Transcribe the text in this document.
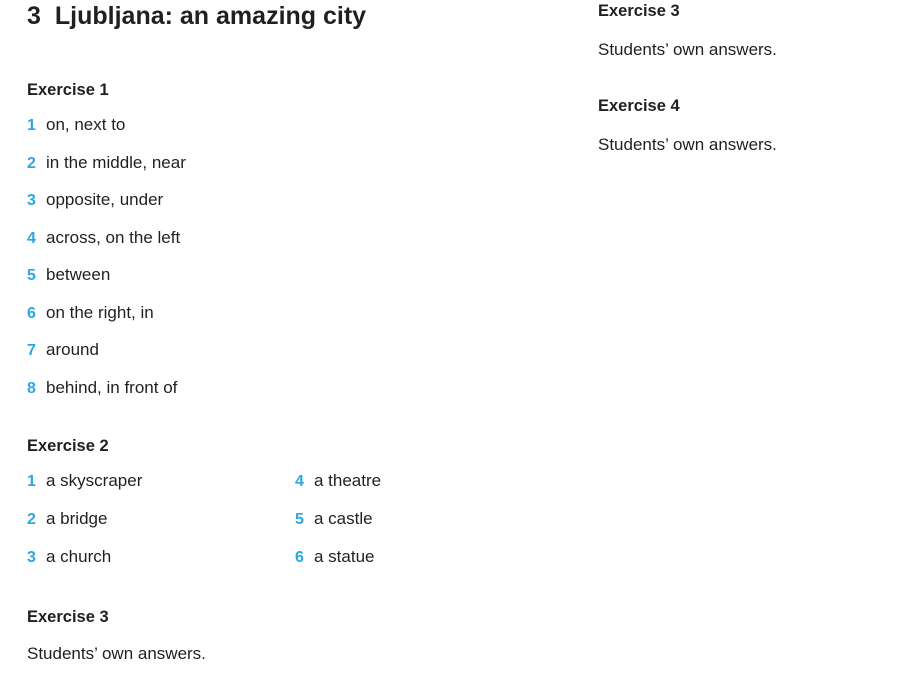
3 Ljubljana: an amazing city
Exercise 1
1 on, next to
2 in the middle, near
3 opposite, under
4 across, on the left
5 between
6 on the right, in
7 around
8 behind, in front of
Exercise 2
1 a skyscraper
2 a bridge
3 a church
4 a theatre
5 a castle
6 a statue
Exercise 3
Students’ own answers.
Exercise 3
Students’ own answers.
Exercise 4
Students’ own answers.
